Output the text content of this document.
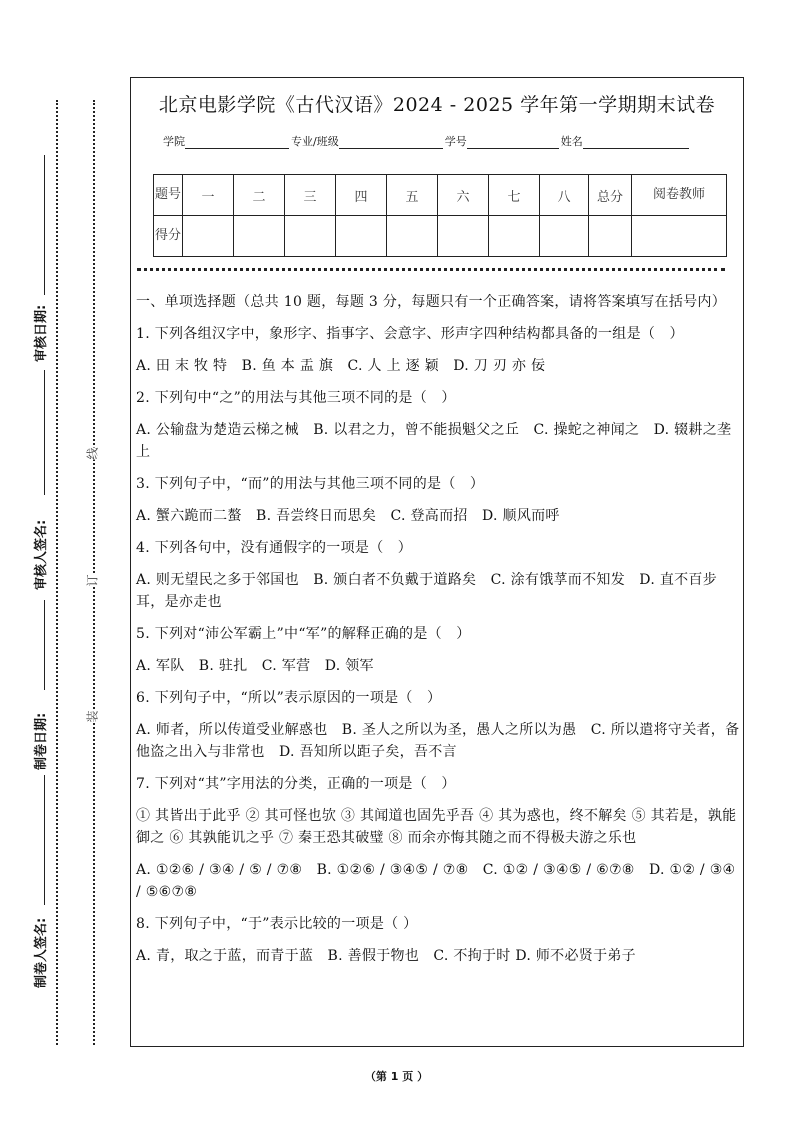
审核日期:
审核人签名:
制卷日期:
制卷人签名:
线
订
装
北京电影学院《古代汉语》2024 - 2025 学年第一学期期末试卷
学院	专业/班级	学号	姓名
题号	一	二	三	四	五	六	七	八	总分	阅卷教师
得分										

一、单项选择题（总共 10 题，每题 3 分，每题只有一个正确答案，请将答案填写在括号内）

1. 下列各组汉字中，象形字、指事字、会意字、形声字四种结构都具备的一组是（　）

A. 田 末 牧 特　B. 鱼 本 盂 旗　C. 人 上 逐 颖　D. 刀 刃 亦 佞

2. 下列句中“之”的用法与其他三项不同的是（　）

A. 公输盘为楚造云梯之械　B. 以君之力，曾不能损魁父之丘　C. 操蛇之神闻之　D. 辍耕之垄上

3. 下列句子中，“而”的用法与其他三项不同的是（　）

A. 蟹六跪而二螯　B. 吾尝终日而思矣　C. 登高而招　D. 顺风而呼

4. 下列各句中，没有通假字的一项是（　）

A. 则无望民之多于邻国也　B. 颁白者不负戴于道路矣　C. 涂有饿莩而不知发　D. 直不百步耳，是亦走也

5. 下列对“沛公军霸上”中“军”的解释正确的是（　）

A. 军队　B. 驻扎　C. 军营　D. 领军

6. 下列句子中，“所以”表示原因的一项是（　）

A. 师者，所以传道受业解惑也　B. 圣人之所以为圣，愚人之所以为愚　C. 所以遣将守关者，备他盗之出入与非常也　D. 吾知所以距子矣，吾不言

7. 下列对“其”字用法的分类，正确的一项是（　）

① 其皆出于此乎 ② 其可怪也欤 ③ 其闻道也固先乎吾 ④ 其为惑也，终不解矣 ⑤ 其若是，孰能御之 ⑥ 其孰能讥之乎 ⑦ 秦王恐其破璧 ⑧ 而余亦悔其随之而不得极夫游之乐也

A. ①②⑥ / ③④ / ⑤ / ⑦⑧　B. ①②⑥ / ③④⑤ / ⑦⑧　C. ①② / ③④⑤ / ⑥⑦⑧　D. ①② / ③④ / ⑤⑥⑦⑧

8. 下列句子中，“于”表示比较的一项是（ ）

A. 青，取之于蓝，而青于蓝　B. 善假于物也　C. 不拘于时 D. 师不必贤于弟子

（第 1 页 ）
